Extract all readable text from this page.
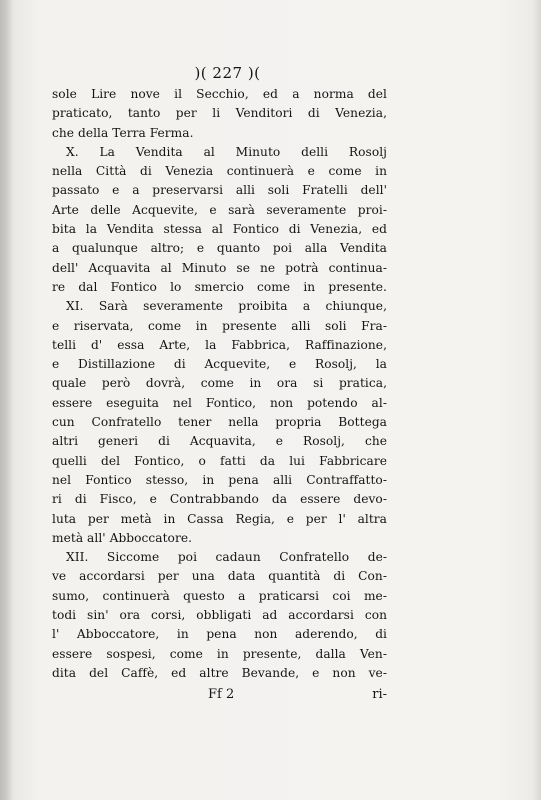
)( 227 )(
sole Lire nove il Secchio, ed a norma del
praticato, tanto per li Venditori di Venezia,
che della Terra Ferma.
X. La Vendita al Minuto delli Rosolj
nella Città di Venezia continuerà e come in
passato e a preservarsi alli soli Fratelli dell'
Arte delle Acquevite, e sarà severamente proi-
bita la Vendita stessa al Fontico di Venezia, ed
a qualunque altro; e quanto poi alla Vendita
dell' Acquavita al Minuto se ne potrà continua-
re dal Fontico lo smercio come in presente.
XI. Sarà severamente proibita a chiunque,
e riservata, come in presente alli soli Fra-
telli d' essa Arte, la Fabbrica, Raffinazione,
e Distillazione di Acquevite, e Rosolj, la
quale però dovrà, come in ora si pratica,
essere eseguita nel Fontico, non potendo al-
cun Confratello tener nella propria Bottega
altri generi di Acquavita, e Rosolj, che
quelli del Fontico, o fatti da lui Fabbricare
nel Fontico stesso, in pena alli Contraffatto-
ri di Fisco, e Contrabbando da essere devo-
luta per metà in Cassa Regia, e per l' altra
metà all' Abboccatore.
XII. Siccome poi cadaun Confratello de-
ve accordarsi per una data quantità di Con-
sumo, continuerà questo a praticarsi coi me-
todi sin' ora corsi, obbligati ad accordarsi con
l' Abboccatore, in pena non aderendo, di
essere sospesi, come in presente, dalla Ven-
dita del Caffè, ed altre Bevande, e non ve-
Ff 2	ri-
